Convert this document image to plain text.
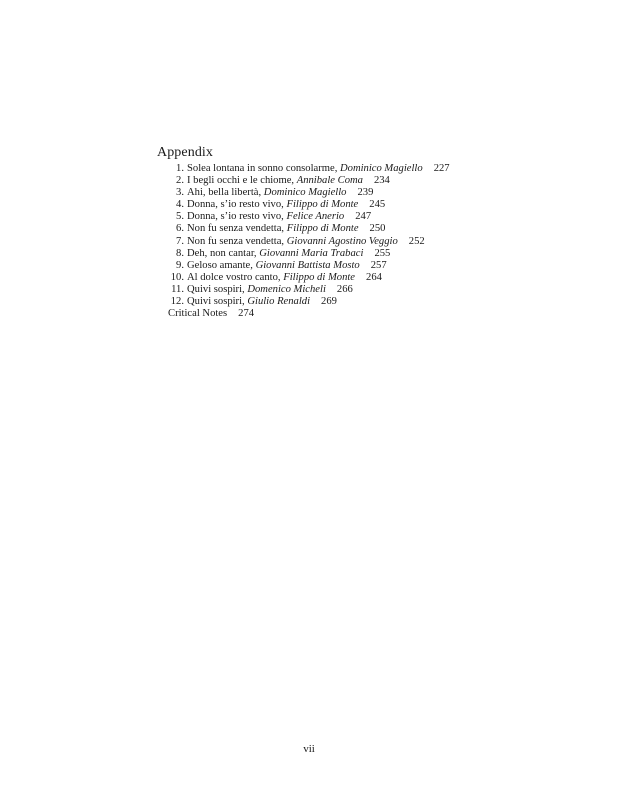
Appendix
1. Solea lontana in sonno consolarme, Dominico Magiello 227
2. I begli occhi e le chiome, Annibale Coma 234
3. Ahi, bella libertà, Dominico Magiello 239
4. Donna, s’io resto vivo, Filippo di Monte 245
5. Donna, s’io resto vivo, Felice Anerio 247
6. Non fu senza vendetta, Filippo di Monte 250
7. Non fu senza vendetta, Giovanni Agostino Veggio 252
8. Deh, non cantar, Giovanni Maria Trabaci 255
9. Geloso amante, Giovanni Battista Mosto 257
10. Al dolce vostro canto, Filippo di Monte 264
11. Quivi sospiri, Domenico Micheli 266
12. Quivi sospiri, Giulio Renaldi 269
Critical Notes 274
vii
